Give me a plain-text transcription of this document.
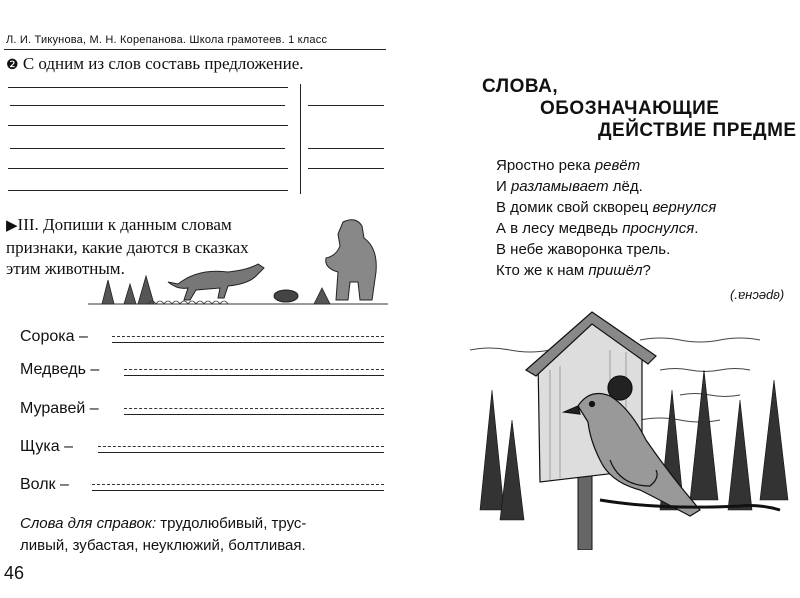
Л. И. Тикунова, М. Н. Корепанова. Школа грамотеев. 1 класс
❷ С одним из слов составь предложение.
▶III. Допиши к данным словам
признаки, какие даются в сказках
этим животным.
Сорока –
Медведь –
Муравей –
Щука –
Волк –
Слова для справок: трудолюбивый, трус-
ливый, зубастая, неуклюжий, болтливая.
46
СЛОВА,
ОБОЗНАЧАЮЩИЕ
ДЕЙСТВИЕ ПРЕДМЕ
Яростно река ревёт
И разламывает лёд.
В домик свой скворец вернулся
А в лесу медведь проснулся.
В небе жаворонка трель.
Кто же к нам пришёл?
(.ɐнɔǝdʚ)
